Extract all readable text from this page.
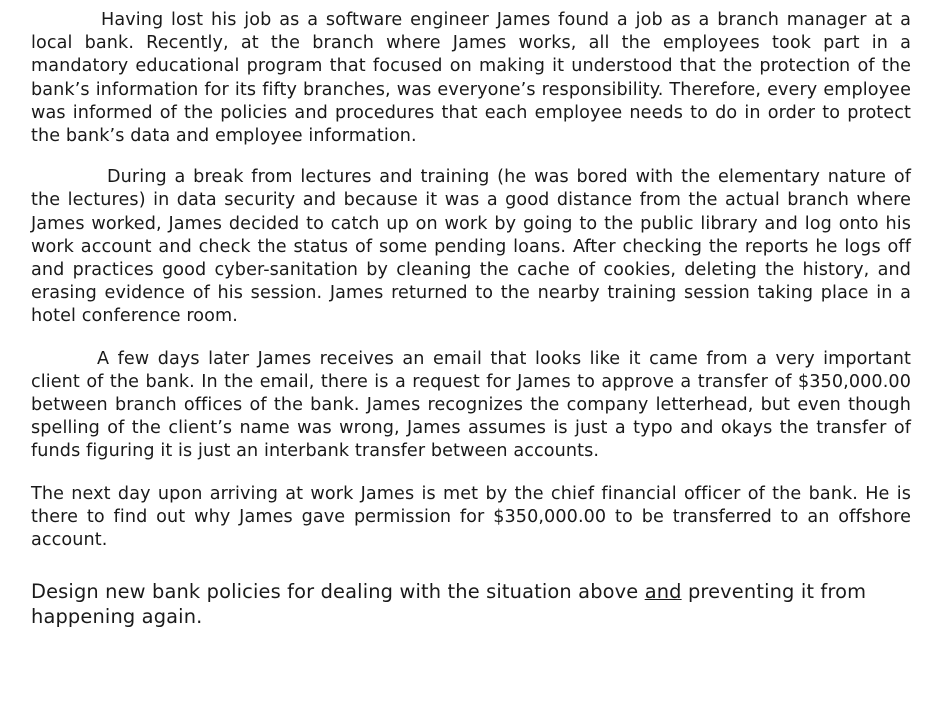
Having lost his job as a software engineer James found a job as a branch manager at a local bank. Recently, at the branch where James works, all the employees took part in a mandatory educational program that focused on making it understood that the protection of the bank’s information for its fifty branches, was everyone’s responsibility. Therefore, every employee was informed of the policies and procedures that each employee needs to do in order to protect the bank’s data and employee information.

During a break from lectures and training (he was bored with the elementary nature of the lectures) in data security and because it was a good distance from the actual branch where James worked, James decided to catch up on work by going to the public library and log onto his work account and check the status of some pending loans. After checking the reports he logs off and practices good cyber-sanitation by cleaning the cache of cookies, deleting the history, and erasing evidence of his session. James returned to the nearby training session taking place in a hotel conference room.

A few days later James receives an email that looks like it came from a very important client of the bank. In the email, there is a request for James to approve a transfer of $350,000.00 between branch offices of the bank. James recognizes the company letterhead, but even though spelling of the client’s name was wrong, James assumes is just a typo and okays the transfer of funds figuring it is just an interbank transfer between accounts.

The next day upon arriving at work James is met by the chief financial officer of the bank. He is there to find out why James gave permission for $350,000.00 to be transferred to an offshore account.

Design new bank policies for dealing with the situation above and preventing it from happening again.
